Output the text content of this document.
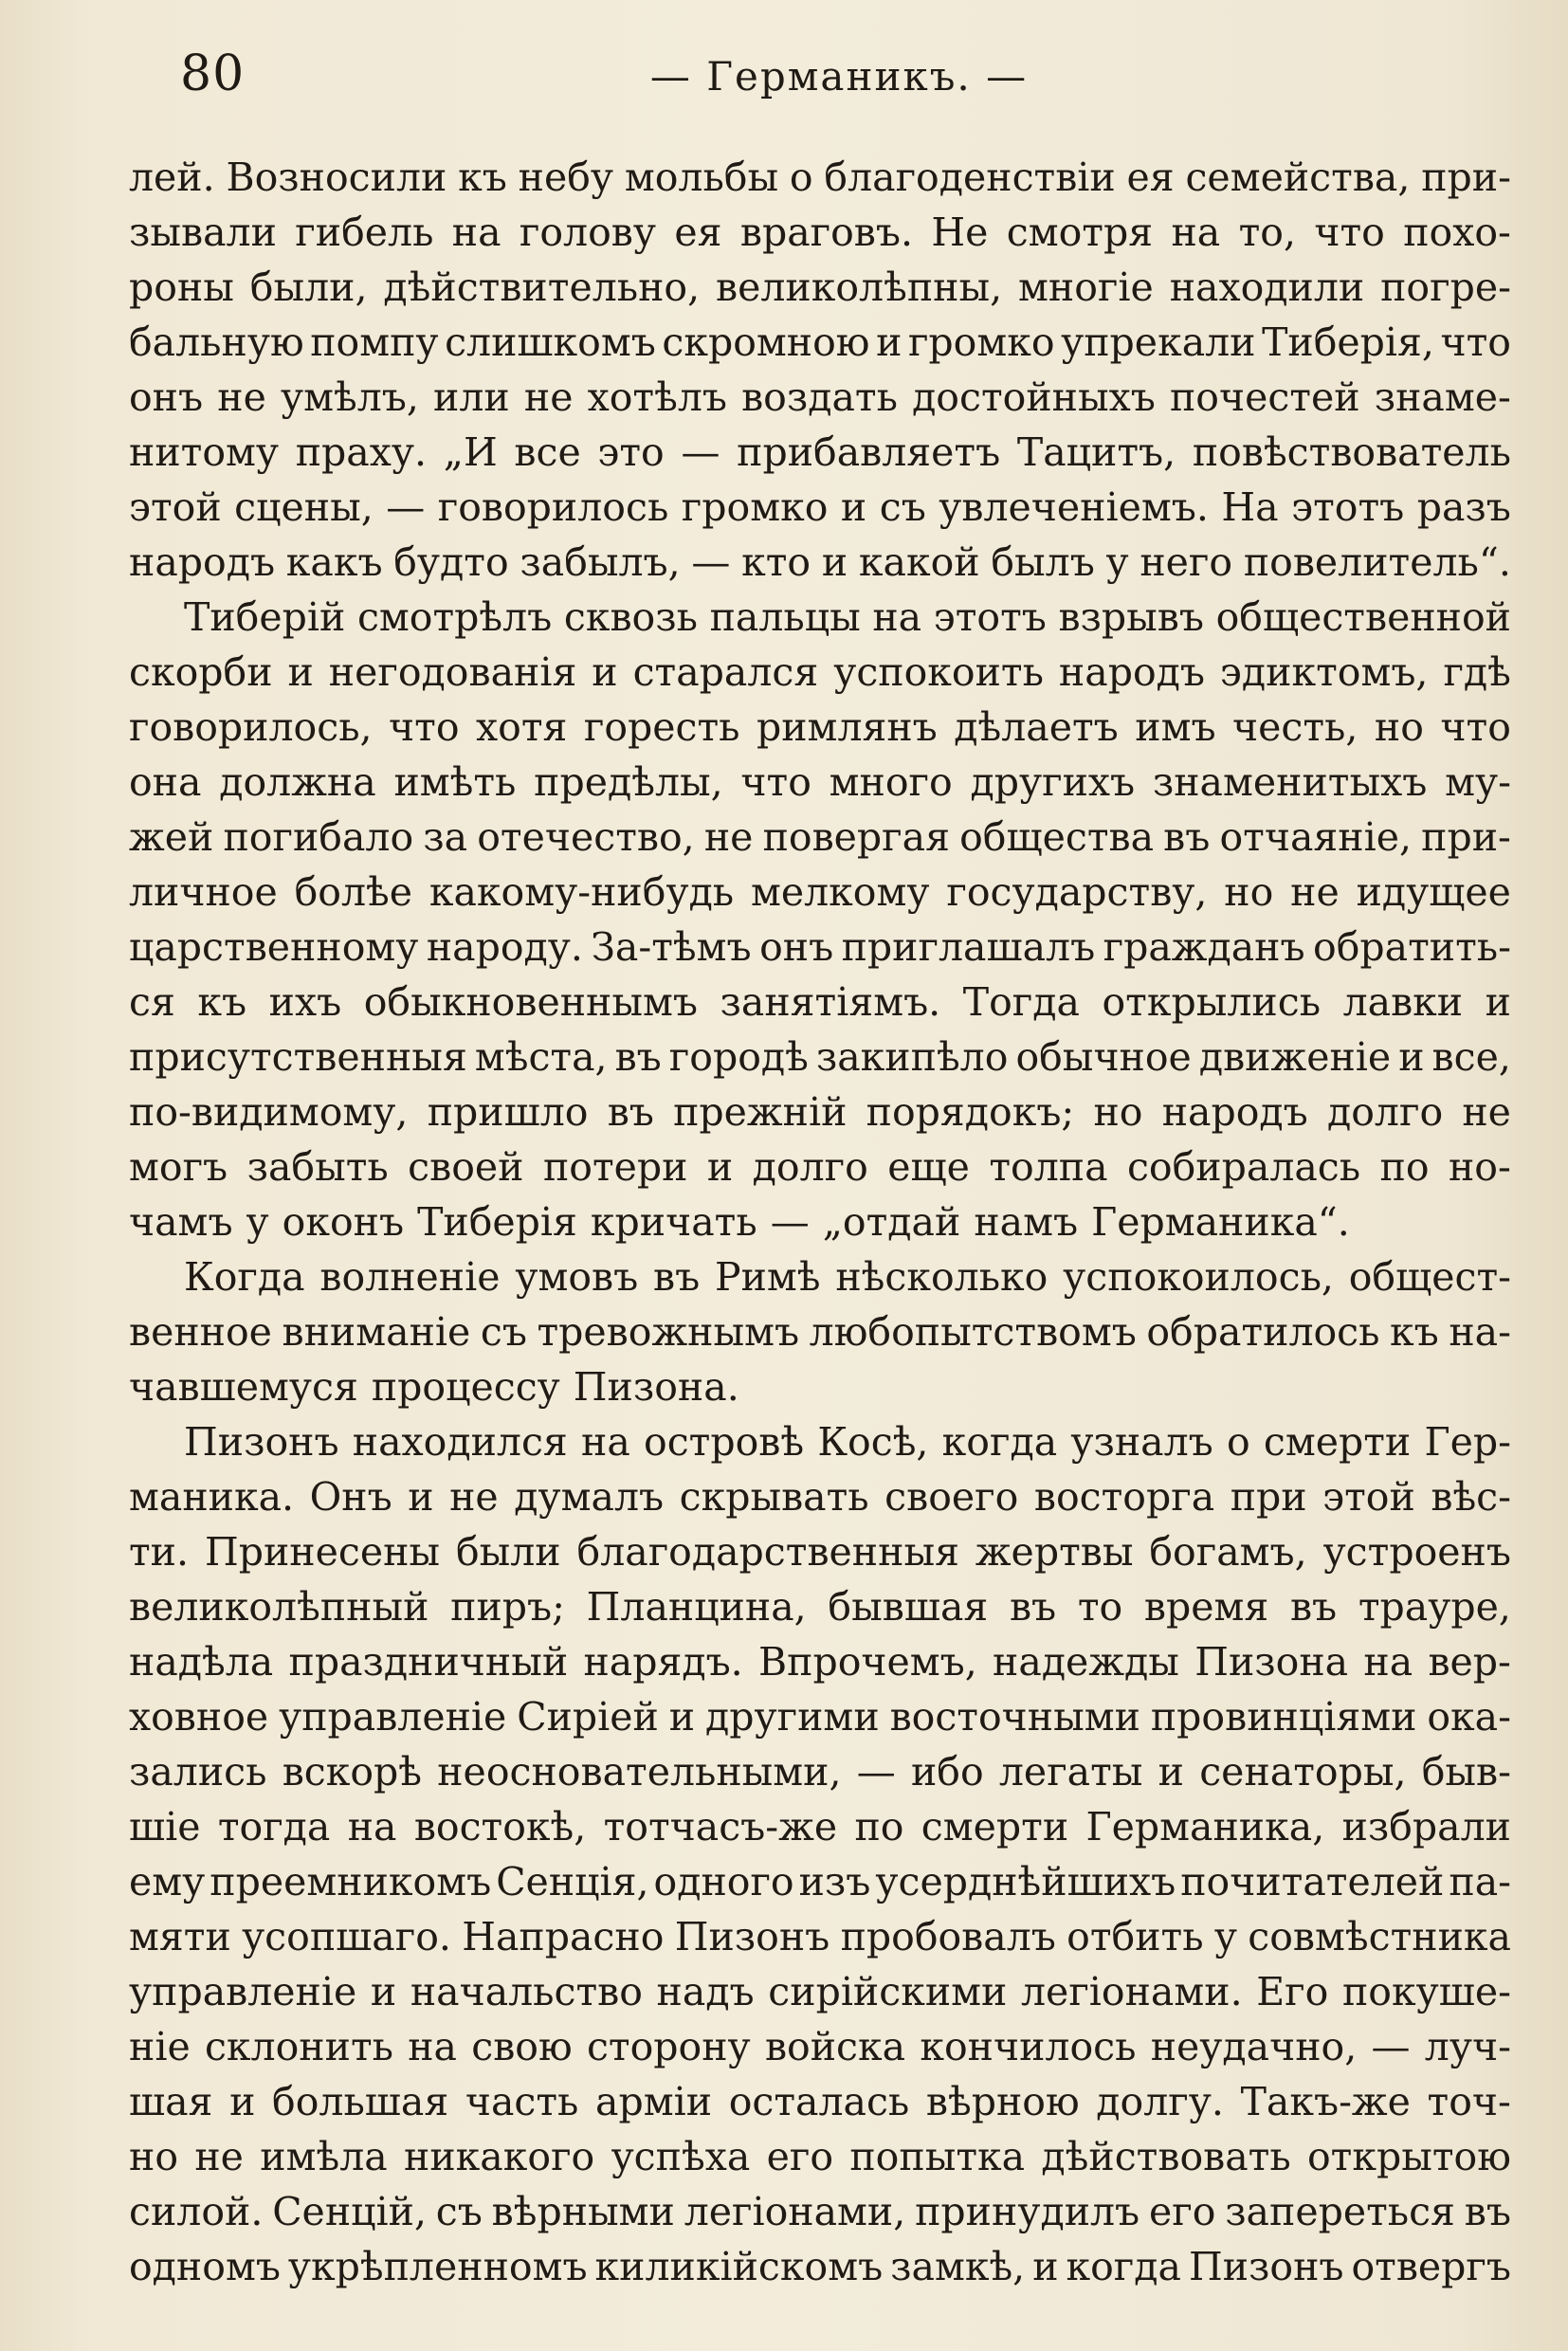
80	— Германикъ. —
лей. Возносили къ небу мольбы о благоденствіи ея семейства, при-
зывали гибель на голову ея враговъ. Не смотря на то, что похо-
роны были, дѣйствительно, великолѣпны, многіе находили погре-
бальную помпу слишкомъ скромною и громко упрекали Тиберія, что
онъ не умѣлъ, или не хотѣлъ воздать достойныхъ почестей знаме-
нитому праху. „И все это — прибавляетъ Тацитъ, повѣствователь
этой сцены, — говорилось громко и съ увлеченіемъ. На этотъ разъ
народъ какъ будто забылъ, — кто и какой былъ у него повелитель“.
Тиберій смотрѣлъ сквозь пальцы на этотъ взрывъ общественной
скорби и негодованія и старался успокоить народъ эдиктомъ, гдѣ
говорилось, что хотя горесть римлянъ дѣлаетъ имъ честь, но что
она должна имѣть предѣлы, что много другихъ знаменитыхъ му-
жей погибало за отечество, не повергая общества въ отчаяніе, при-
личное болѣе какому-нибудь мелкому государству, но не идущее
царственному народу. За-тѣмъ онъ приглашалъ гражданъ обратить-
ся къ ихъ обыкновеннымъ занятіямъ. Тогда открылись лавки и
присутственныя мѣста, въ городѣ закипѣло обычное движеніе и все,
по-видимому, пришло въ прежній порядокъ; но народъ долго не
могъ забыть своей потери и долго еще толпа собиралась по но-
чамъ у оконъ Тиберія кричать — „отдай намъ Германика“.
Когда волненіе умовъ въ Римѣ нѣсколько успокоилось, общест-
венное вниманіе съ тревожнымъ любопытствомъ обратилось къ на-
чавшемуся процессу Пизона.
Пизонъ находился на островѣ Косѣ, когда узналъ о смерти Гер-
маника. Онъ и не думалъ скрывать своего восторга при этой вѣс-
ти. Принесены были благодарственныя жертвы богамъ, устроенъ
великолѣпный пиръ; Планцина, бывшая въ то время въ трауре,
надѣла праздничный нарядъ. Впрочемъ, надежды Пизона на вер-
ховное управленіе Сиріей и другими восточными провинціями ока-
зались вскорѣ неосновательными, — ибо легаты и сенаторы, быв-
шіе тогда на востокѣ, тотчасъ-же по смерти Германика, избрали
ему преемникомъ Сенція, одного изъ усерднѣйшихъ почитателей па-
мяти усопшаго. Напрасно Пизонъ пробовалъ отбить у совмѣстника
управленіе и начальство надъ сирійскими легіонами. Его покуше-
ніе склонить на свою сторону войска кончилось неудачно, — луч-
шая и большая часть арміи осталась вѣрною долгу. Такъ-же точ-
но не имѣла никакого успѣха его попытка дѣйствовать открытою
силой. Сенцій, съ вѣрными легіонами, принудилъ его запереться въ
одномъ укрѣпленномъ киликійскомъ замкѣ, и когда Пизонъ отвергъ
